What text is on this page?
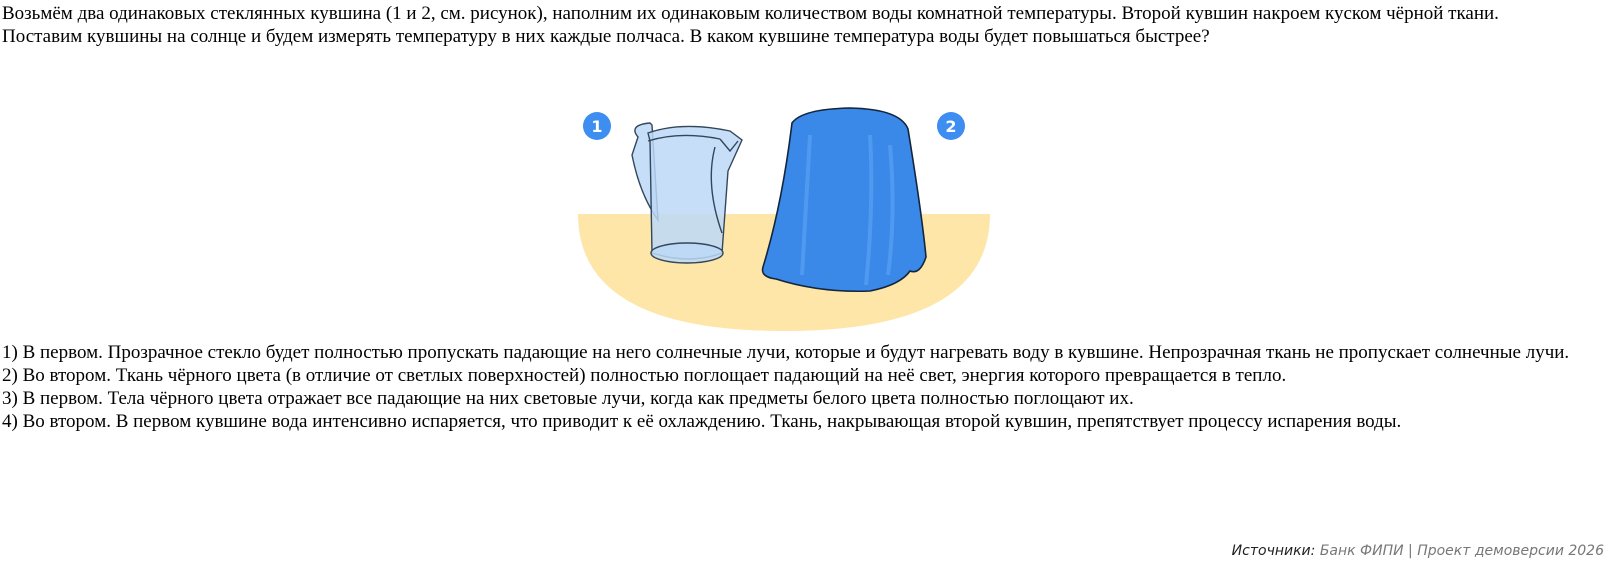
Возьмём два одинаковых стеклянных кувшина (1 и 2, см. рисунок), наполним их одинаковым количеством воды комнатной температуры. Второй кувшин накроем куском чёрной ткани. Поставим кувшины на солнце и будем измерять температуру в них каждые полчаса. В каком кувшине температура воды будет повышаться быстрее?

1	2
1) В первом. Прозрачное стекло будет полностью пропускать падающие на него солнечные лучи, которые и будут нагревать воду в кувшине. Непрозрачная ткань не пропускает солнечные лучи.
2) Во втором. Ткань чёрного цвета (в отличие от светлых поверхностей) полностью поглощает падающий на неё свет, энергия которого превращается в тепло.
3) В первом. Тела чёрного цвета отражает все падающие на них световые лучи, когда как предметы белого цвета полностью поглощают их.
4) Во втором. В первом кувшине вода интенсивно испаряется, что приводит к её охлаждению. Ткань, накрывающая второй кувшин, препятствует процессу испарения воды.
Источники: Банк ФИПИ | Проект демоверсии 2026
